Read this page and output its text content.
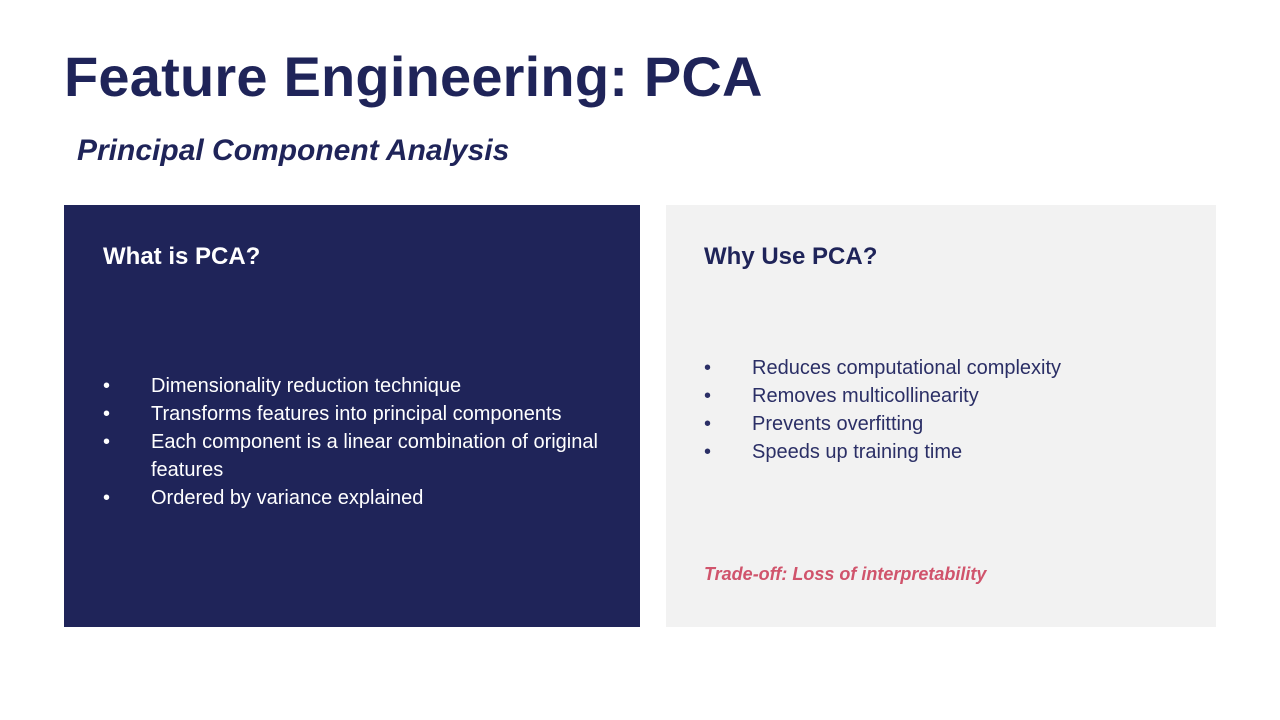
Feature Engineering: PCA
Principal Component Analysis
What is PCA?
•	Dimensionality reduction technique
•	Transforms features into principal components
•	Each component is a linear combination of original features
•	Ordered by variance explained
Why Use PCA?
•	Reduces computational complexity
•	Removes multicollinearity
•	Prevents overfitting
•	Speeds up training time

Trade-off: Loss of interpretability
